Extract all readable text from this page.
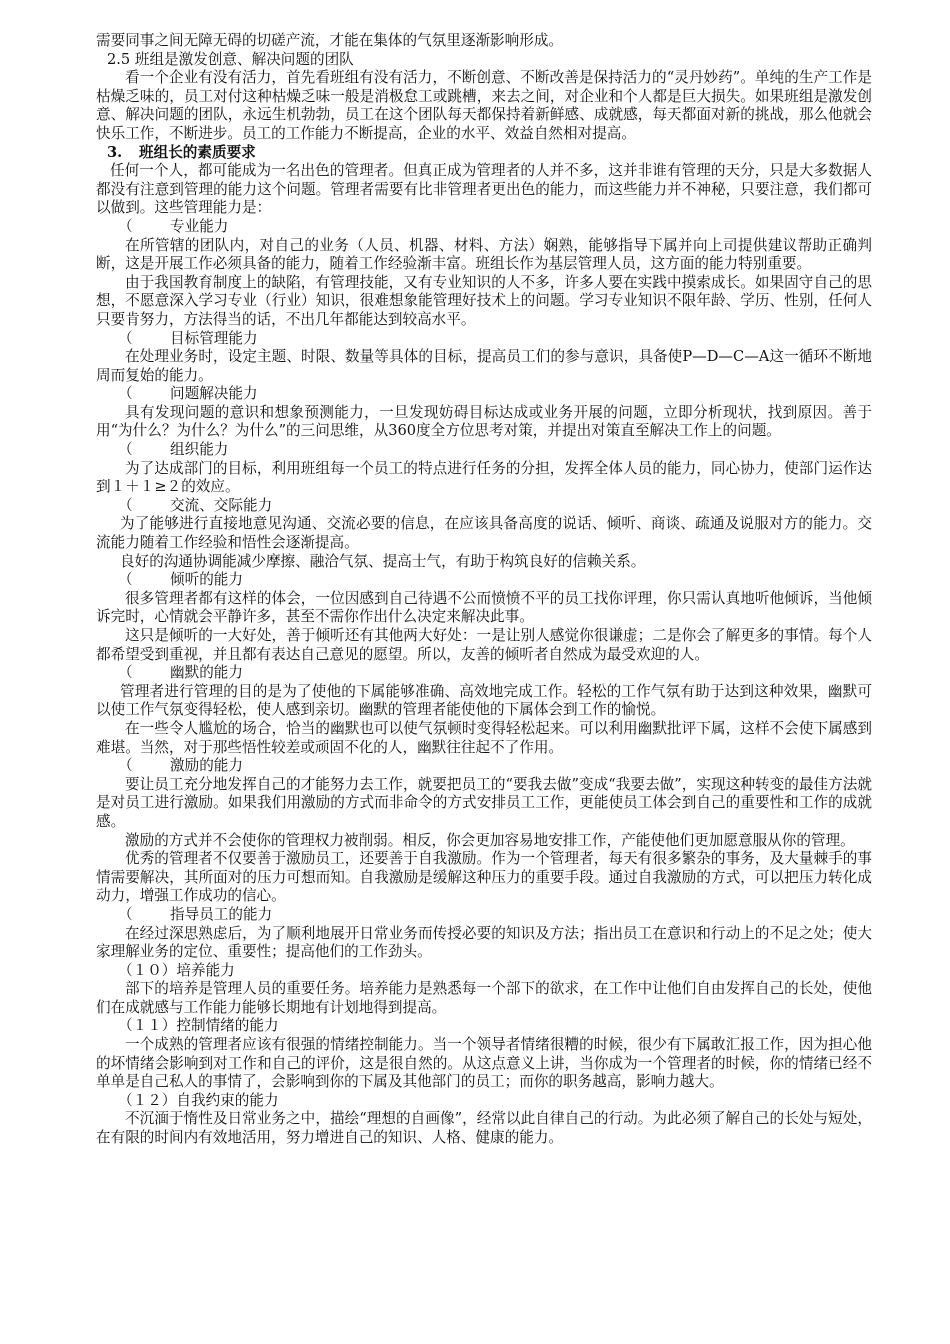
需要同事之间无障无碍的切磋产流，才能在集体的气氛里逐渐影响形成。

2.5 班组是激发创意、解决问题的团队

看一个企业有没有活力，首先看班组有没有活力，不断创意、不断改善是保持活力的“灵丹妙药”。单纯的生产工作是枯燥乏味的，员工对付这种枯燥乏味一般是消极怠工或跳槽，来去之间，对企业和个人都是巨大损失。如果班组是激发创意、解决问题的团队，永远生机勃勃，员工在这个团队每天都保持着新鲜感、成就感，每天都面对新的挑战，那么他就会快乐工作，不断进步。员工的工作能力不断提高，企业的水平、效益自然相对提高。

3. 班组长的素质要求

任何一个人，都可能成为一名出色的管理者。但真正成为管理者的人并不多，这并非谁有管理的天分，只是大多数据人都没有注意到管理的能力这个问题。管理者需要有比非管理者更出色的能力，而这些能力并不神秘，只要注意，我们都可以做到。这些管理能力是：

（	专业能力

在所管辖的团队内，对自己的业务（人员、机器、材料、方法）娴熟，能够指导下属并向上司提供建议帮助正确判断，这是开展工作必须具备的能力，随着工作经验渐丰富。班组长作为基层管理人员，这方面的能力特别重要。

由于我国教育制度上的缺陷，有管理技能，又有专业知识的人不多，许多人要在实践中摸索成长。如果固守自己的思想，不愿意深入学习专业（行业）知识，很难想象能管理好技术上的问题。学习专业知识不限年龄、学历、性别，任何人只要肯努力，方法得当的话，不出几年都能达到较高水平。

（	目标管理能力

在处理业务时，设定主题、时限、数量等具体的目标，提高员工们的参与意识，具备使P—D—C—A这一循环不断地周而复始的能力。

（	问题解决能力

具有发现问题的意识和想象预测能力，一旦发现妨碍目标达成或业务开展的问题，立即分析现状，找到原因。善于用“为什么？为什么？为什么”的三问思维，从360度全方位思考对策，并提出对策直至解决工作上的问题。

（	组织能力

为了达成部门的目标，利用班组每一个员工的特点进行任务的分担，发挥全体人员的能力，同心协力，使部门运作达到１＋１≥２的效应。

（	交流、交际能力

为了能够进行直接地意见沟通、交流必要的信息，在应该具备高度的说话、倾听、商谈、疏通及说服对方的能力。交流能力随着工作经验和悟性会逐渐提高。

良好的沟通协调能减少摩擦、融洽气氛、提高士气，有助于构筑良好的信赖关系。

（	倾听的能力

很多管理者都有这样的体会，一位因感到自己待遇不公而愤愤不平的员工找你评理，你只需认真地听他倾诉，当他倾诉完时，心情就会平静许多，甚至不需你作出什么决定来解决此事。

这只是倾听的一大好处，善于倾听还有其他两大好处：一是让别人感觉你很谦虚；二是你会了解更多的事情。每个人都希望受到重视，并且都有表达自己意见的愿望。所以，友善的倾听者自然成为最受欢迎的人。

（	幽默的能力

管理者进行管理的目的是为了使他的下属能够准确、高效地完成工作。轻松的工作气氛有助于达到这种效果，幽默可以使工作气氛变得轻松，使人感到亲切。幽默的管理者能使他的下属体会到工作的愉悦。

在一些令人尴尬的场合，恰当的幽默也可以使气氛顿时变得轻松起来。可以利用幽默批评下属，这样不会使下属感到难堪。当然，对于那些悟性较差或顽固不化的人，幽默往往起不了作用。

（	激励的能力

要让员工充分地发挥自己的才能努力去工作，就要把员工的“要我去做”变成“我要去做”，实现这种转变的最佳方法就是对员工进行激励。如果我们用激励的方式而非命令的方式安排员工工作，更能使员工体会到自己的重要性和工作的成就感。

激励的方式并不会使你的管理权力被削弱。相反，你会更加容易地安排工作，产能使他们更加愿意服从你的管理。

优秀的管理者不仅要善于激励员工，还要善于自我激励。作为一个管理者，每天有很多繁杂的事务，及大量棘手的事情需要解决，其所面对的压力可想而知。自我激励是缓解这种压力的重要手段。通过自我激励的方式，可以把压力转化成动力，增强工作成功的信心。

（	指导员工的能力

在经过深思熟虑后，为了顺利地展开日常业务而传授必要的知识及方法；指出员工在意识和行动上的不足之处；使大家理解业务的定位、重要性；提高他们的工作劲头。

（１０）培养能力

部下的培养是管理人员的重要任务。培养能力是熟悉每一个部下的欲求，在工作中让他们自由发挥自己的长处，使他们在成就感与工作能力能够长期地有计划地得到提高。

（１１）控制情绪的能力

一个成熟的管理者应该有很强的情绪控制能力。当一个领导者情绪很糟的时候，很少有下属敢汇报工作，因为担心他的坏情绪会影响到对工作和自己的评价，这是很自然的。从这点意义上讲，当你成为一个管理者的时候，你的情绪已经不单单是自己私人的事情了，会影响到你的下属及其他部门的员工；而你的职务越高，影响力越大。

（１２）自我约束的能力

不沉湎于惰性及日常业务之中，描绘“理想的自画像”，经常以此自律自己的行动。为此必须了解自己的长处与短处，在有限的时间内有效地活用，努力增进自己的知识、人格、健康的能力。
